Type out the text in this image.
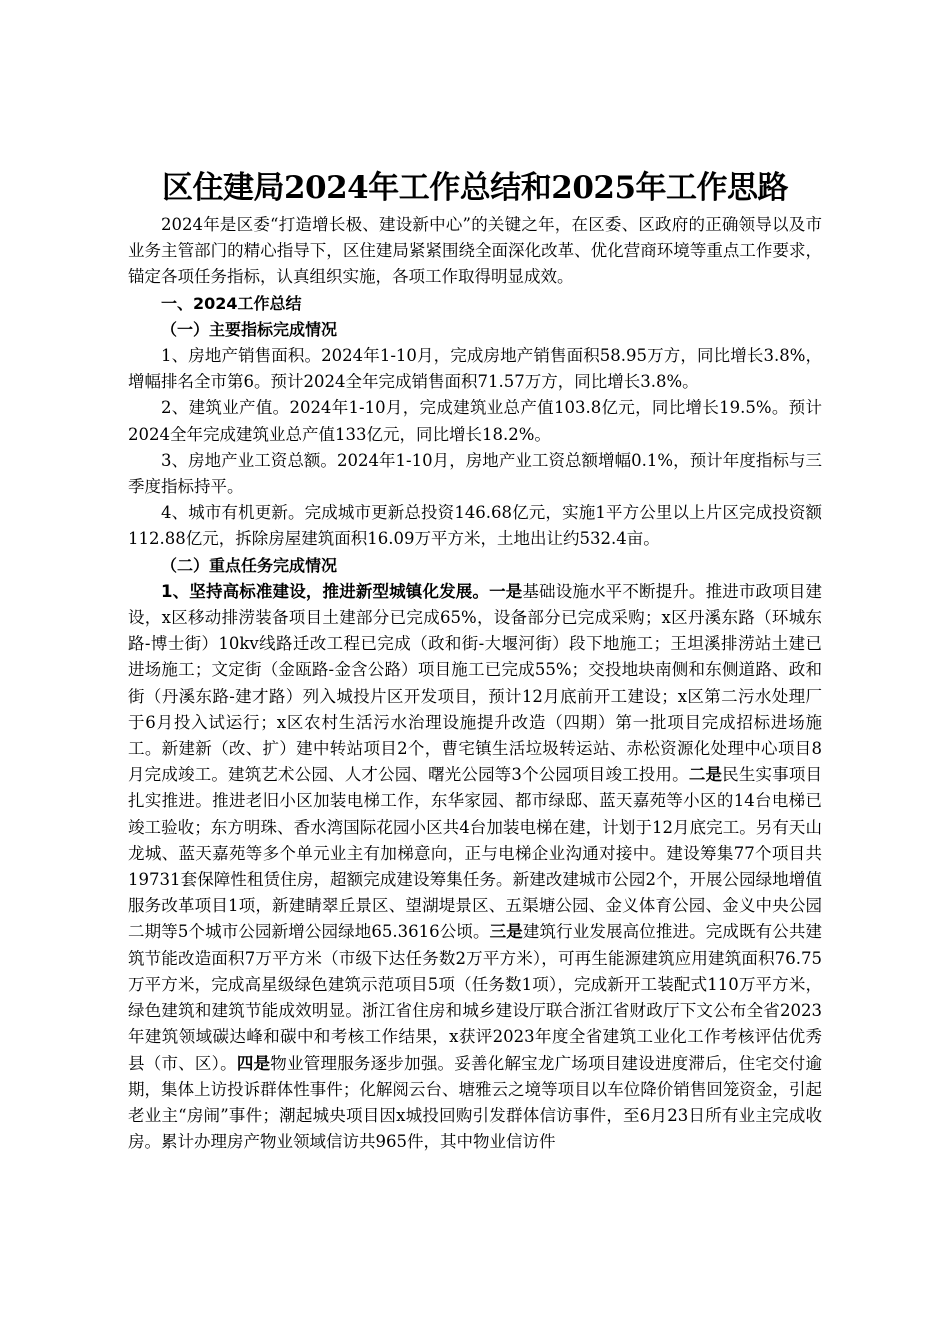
区住建局2024年工作总结和2025年工作思路

2024年是区委“打造增长极、建设新中心”的关键之年，在区委、区政府的正确领导以及市业务主管部门的精心指导下，区住建局紧紧围绕全面深化改革、优化营商环境等重点工作要求，锚定各项任务指标，认真组织实施，各项工作取得明显成效。

一、2024工作总结

（一）主要指标完成情况

1、房地产销售面积。2024年1-10月，完成房地产销售面积58.95万方，同比增长3.8%，增幅排名全市第6。预计2024全年完成销售面积71.57万方，同比增长3.8%。

2、建筑业产值。2024年1-10月，完成建筑业总产值103.8亿元，同比增长19.5%。预计2024全年完成建筑业总产值133亿元，同比增长18.2%。

3、房地产业工资总额。2024年1-10月，房地产业工资总额增幅0.1%，预计年度指标与三季度指标持平。

4、城市有机更新。完成城市更新总投资146.68亿元，实施1平方公里以上片区完成投资额112.88亿元，拆除房屋建筑面积16.09万平方米，土地出让约532.4亩。

（二）重点任务完成情况

1、坚持高标准建设，推进新型城镇化发展。一是基础设施水平不断提升。推进市政项目建设，x区移动排涝装备项目土建部分已完成65%，设备部分已完成采购；x区丹溪东路（环城东路-博士街）10kv线路迁改工程已完成（政和街-大堰河街）段下地施工；王坦溪排涝站土建已进场施工；文定街（金瓯路-金含公路）项目施工已完成55%；交投地块南侧和东侧道路、政和街（丹溪东路-建才路）列入城投片区开发项目，预计12月底前开工建设；x区第二污水处理厂于6月投入试运行；x区农村生活污水治理设施提升改造（四期）第一批项目完成招标进场施工。新建新（改、扩）建中转站项目2个，曹宅镇生活垃圾转运站、赤松资源化处理中心项目8月完成竣工。建筑艺术公园、人才公园、曙光公园等3个公园项目竣工投用。二是民生实事项目扎实推进。推进老旧小区加装电梯工作，东华家园、都市绿邸、蓝天嘉苑等小区的14台电梯已竣工验收；东方明珠、香水湾国际花园小区共4台加装电梯在建，计划于12月底完工。另有天山龙城、蓝天嘉苑等多个单元业主有加梯意向，正与电梯企业沟通对接中。建设筹集77个项目共19731套保障性租赁住房，超额完成建设筹集任务。新建改建城市公园2个，开展公园绿地增值服务改革项目1项，新建睛翠丘景区、望湖堤景区、五渠塘公园、金义体育公园、金义中央公园二期等5个城市公园新增公园绿地65.3616公顷。三是建筑行业发展高位推进。完成既有公共建筑节能改造面积7万平方米（市级下达任务数2万平方米），可再生能源建筑应用建筑面积76.75万平方米，完成高星级绿色建筑示范项目5项（任务数1项），完成新开工装配式110万平方米，绿色建筑和建筑节能成效明显。浙江省住房和城乡建设厅联合浙江省财政厅下文公布全省2023年建筑领域碳达峰和碳中和考核工作结果，x获评2023年度全省建筑工业化工作考核评估优秀县（市、区）。四是物业管理服务逐步加强。妥善化解宝龙广场项目建设进度滞后，住宅交付逾期，集体上访投诉群体性事件；化解阅云台、塘雅云之境等项目以车位降价销售回笼资金，引起老业主“房闹”事件；潮起城央项目因x城投回购引发群体信访事件，至6月23日所有业主完成收房。累计办理房产物业领域信访共965件，其中物业信访件
